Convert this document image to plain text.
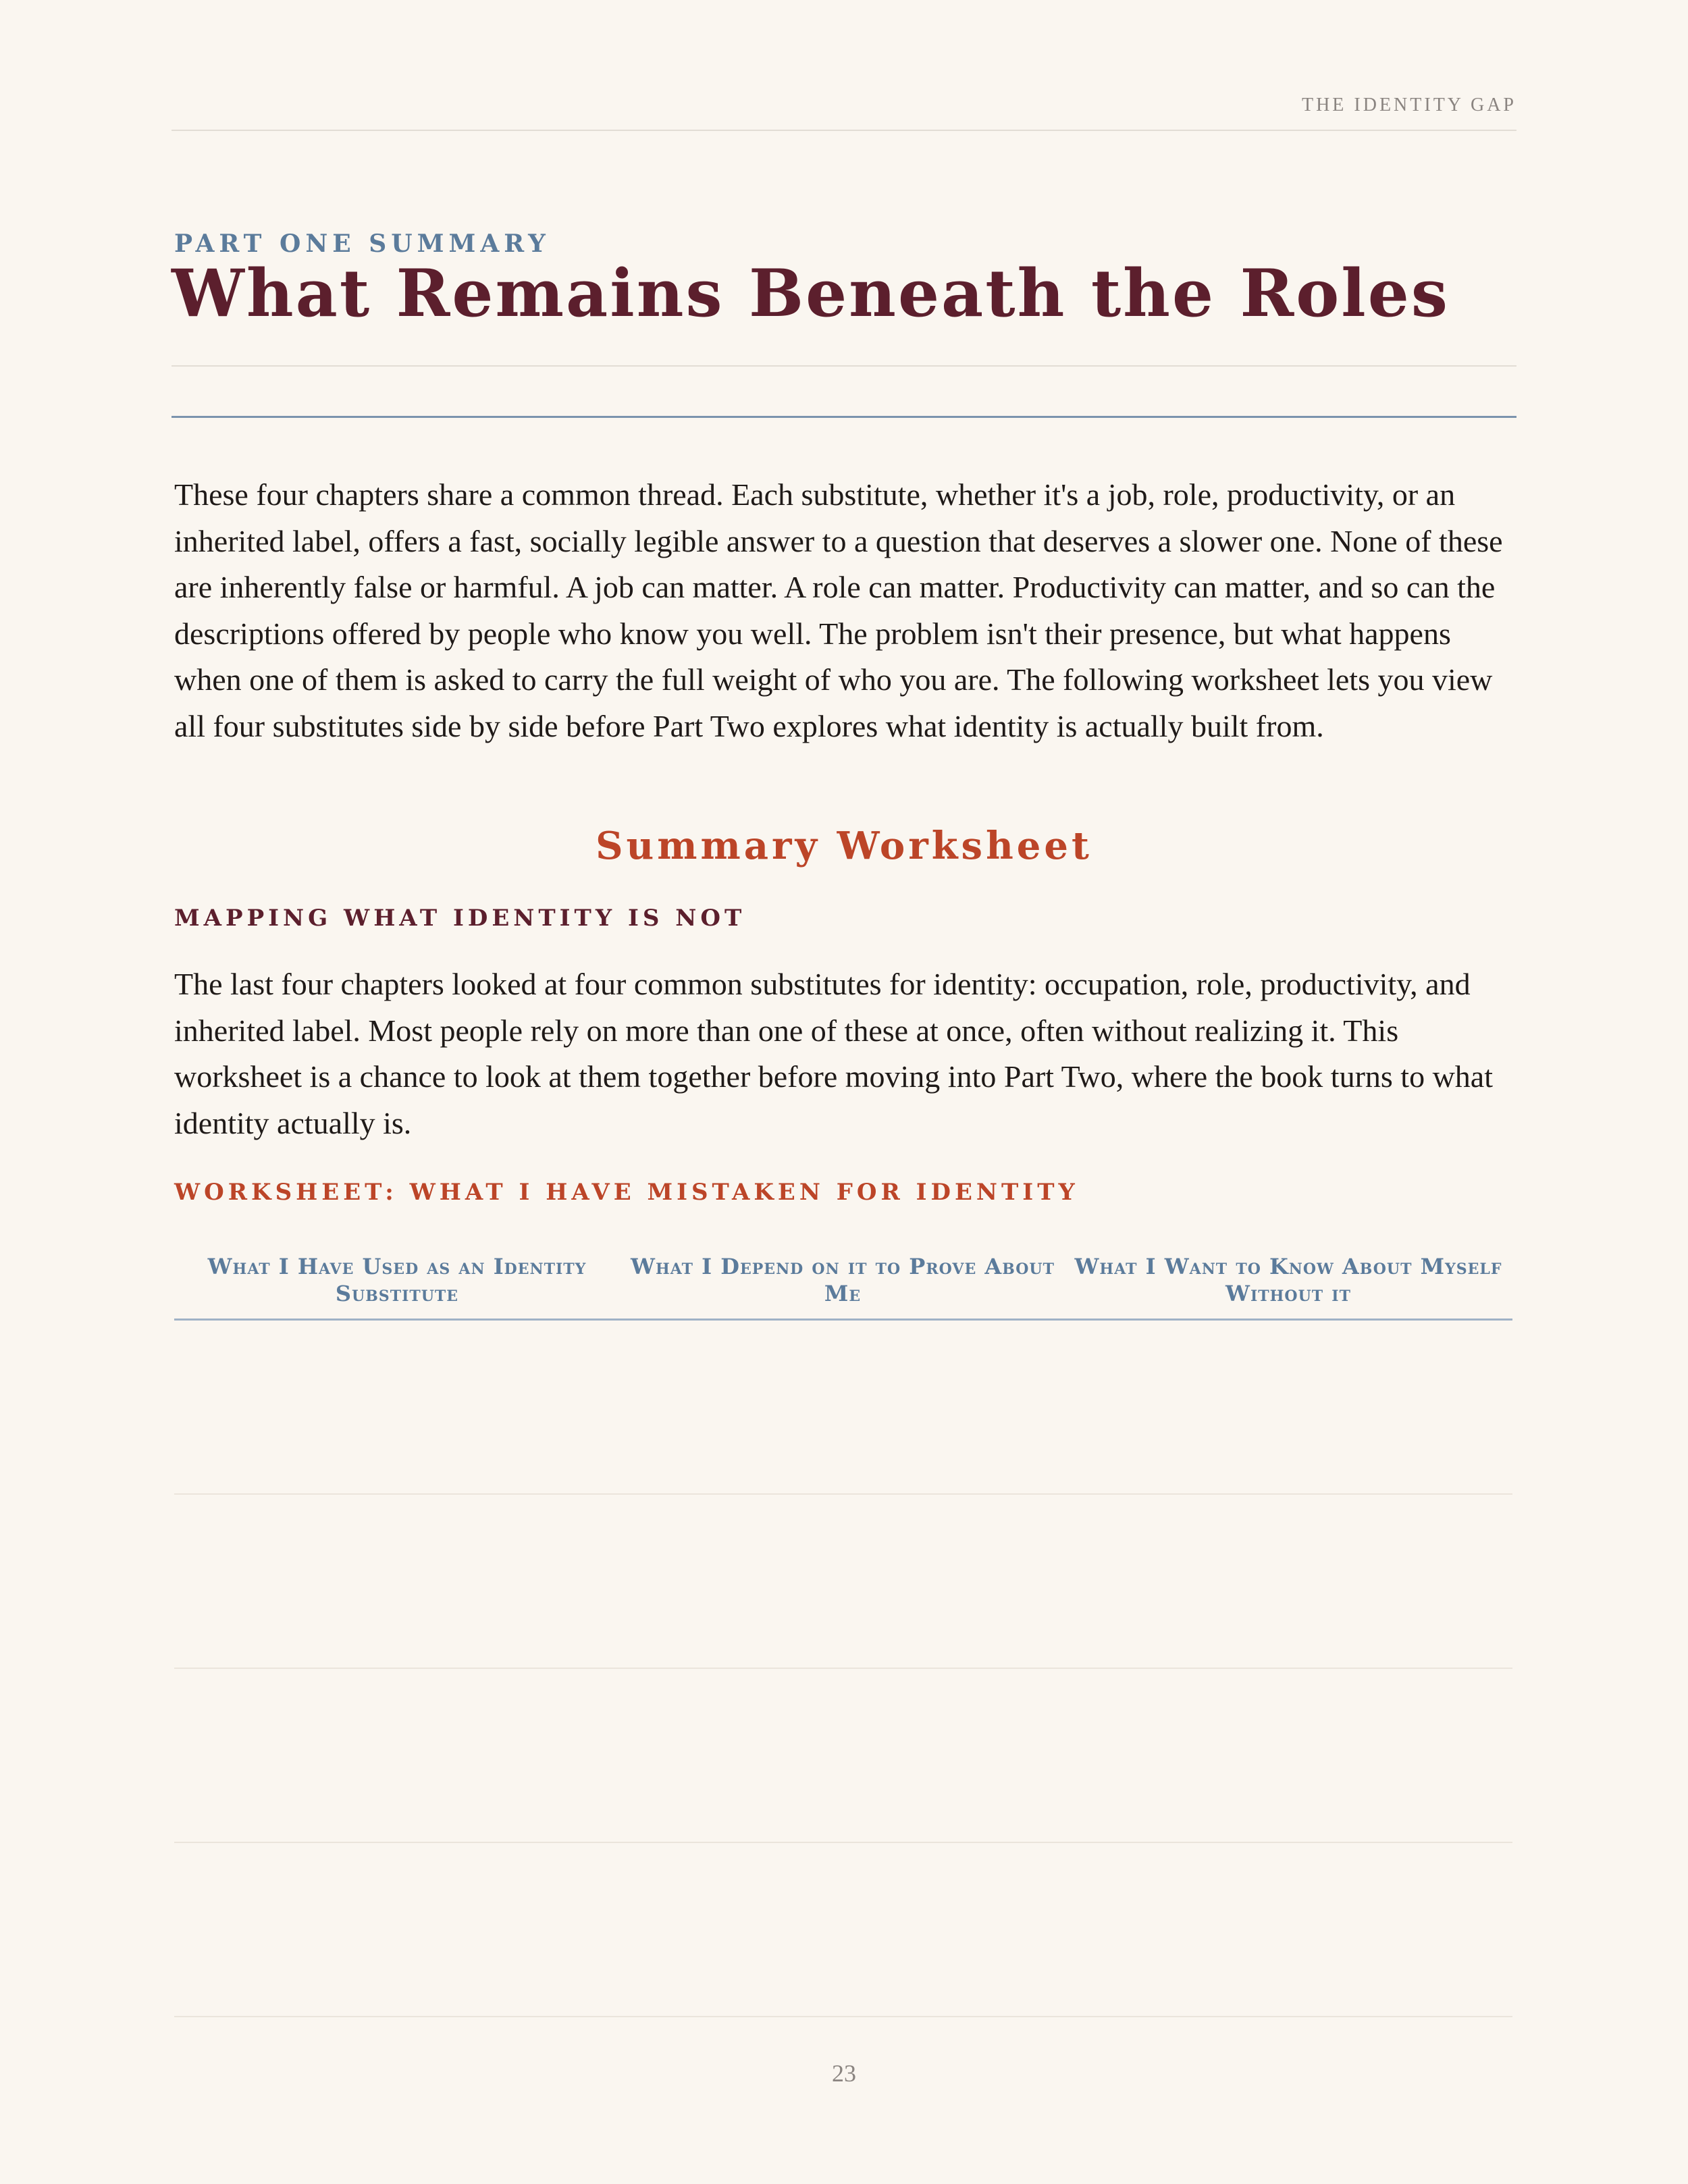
THE IDENTITY GAP
PART ONE SUMMARY
What Remains Beneath the Roles

These four chapters share a common thread. Each substitute, whether it's a job, role, productivity, or an inherited label, offers a fast, socially legible answer to a question that deserves a slower one. None of these are inherently false or harmful. A job can matter. A role can matter. Productivity can matter, and so can the descriptions offered by people who know you well. The problem isn't their presence, but what happens when one of them is asked to carry the full weight of who you are. The following worksheet lets you view all four substitutes side by side before Part Two explores what identity is actually built from.

Summary Worksheet
MAPPING WHAT IDENTITY IS NOT

The last four chapters looked at four common substitutes for identity: occupation, role, productivity, and inherited label. Most people rely on more than one of these at once, often without realizing it. This worksheet is a chance to look at them together before moving into Part Two, where the book turns to what identity actually is.

WORKSHEET: WHAT I HAVE MISTAKEN FOR IDENTITY
What I Have Used as an Identity Substitute
What I Depend on it to Prove About Me
What I Want to Know About Myself Without it
23
